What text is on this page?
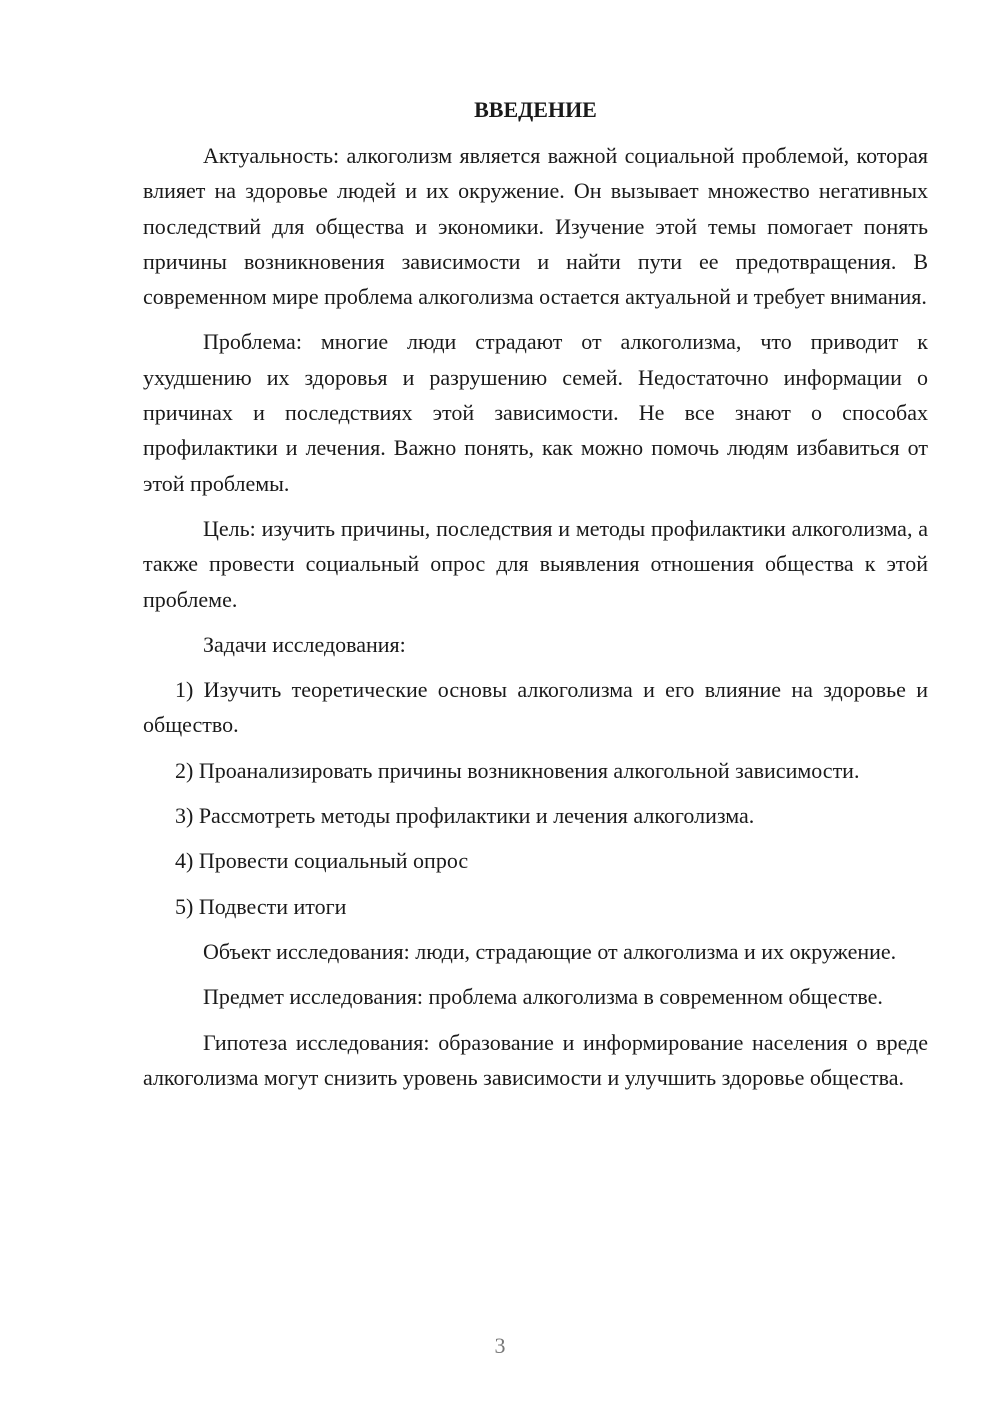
ВВЕДЕНИЕ

Актуальность: алкоголизм является важной социальной проблемой, которая влияет на здоровье людей и их окружение. Он вызывает множество негативных последствий для общества и экономики. Изучение этой темы помогает понять причины возникновения зависимости и найти пути ее предотвращения. В современном мире проблема алкоголизма остается актуальной и требует внимания.

Проблема: многие люди страдают от алкоголизма, что приводит к ухудшению их здоровья и разрушению семей. Недостаточно информации о причинах и последствиях этой зависимости. Не все знают о способах профилактики и лечения. Важно понять, как можно помочь людям избавиться от этой проблемы.

Цель: изучить причины, последствия и методы профилактики алкоголизма, а также провести социальный опрос для выявления отношения общества к этой проблеме.

Задачи исследования:

1) Изучить теоретические основы алкоголизма и его влияние на здоровье и общество.

2) Проанализировать причины возникновения алкогольной зависимости.

3) Рассмотреть методы профилактики и лечения алкоголизма.

4) Провести социальный опрос

5) Подвести итоги

Объект исследования: люди, страдающие от алкоголизма и их окружение.

Предмет исследования: проблема алкоголизма в современном обществе.

Гипотеза исследования: образование и информирование населения о вреде алкоголизма могут снизить уровень зависимости и улучшить здоровье общества.

3
